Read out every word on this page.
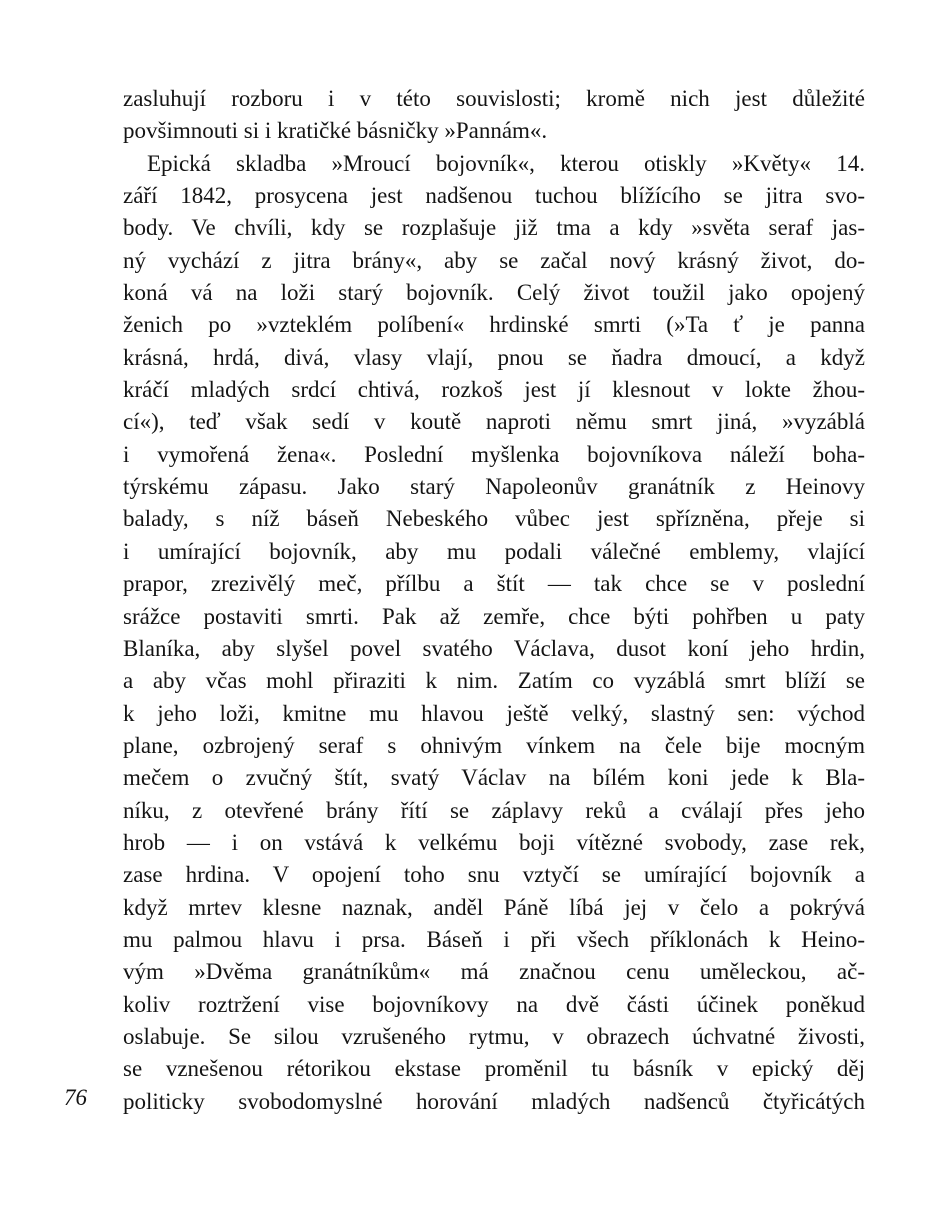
zasluhují rozboru i v této souvislosti; kromě nich jest důležité
povšimnouti si i kratičké básničky »Pannám«.
Epická skladba »Mroucí bojovník«, kterou otiskly »Květy« 14.
září 1842, prosycena jest nadšenou tuchou blížícího se jitra svo-
body. Ve chvíli, kdy se rozplašuje již tma a kdy »světa seraf jas-
ný vychází z jitra brány«, aby se začal nový krásný život, do-
koná vá na loži starý bojovník. Celý život toužil jako opojený
ženich po »vzteklém políbení« hrdinské smrti (»Ta ť je panna
krásná, hrdá, divá, vlasy vlají, pnou se ňadra dmoucí, a když
kráčí mladých srdcí chtivá, rozkoš jest jí klesnout v lokte žhou-
cí«), teď však sedí v koutě naproti němu smrt jiná, »vyzáblá
i vymořená žena«. Poslední myšlenka bojovníkova náleží boha-
týrskému zápasu. Jako starý Napoleonův granátník z Heinovy
balady, s níž báseň Nebeského vůbec jest spřízněna, přeje si
i umírající bojovník, aby mu podali válečné emblemy, vlající
prapor, zrezivělý meč, přílbu a štít — tak chce se v poslední
srážce postaviti smrti. Pak až zemře, chce býti pohřben u paty
Blaníka, aby slyšel povel svatého Václava, dusot koní jeho hrdin,
a aby včas mohl přiraziti k nim. Zatím co vyzáblá smrt blíží se
k jeho loži, kmitne mu hlavou ještě velký, slastný sen: východ
plane, ozbrojený seraf s ohnivým vínkem na čele bije mocným
mečem o zvučný štít, svatý Václav na bílém koni jede k Bla-
níku, z otevřené brány řítí se záplavy reků a cválají přes jeho
hrob — i on vstává k velkému boji vítězné svobody, zase rek,
zase hrdina. V opojení toho snu vztyčí se umírající bojovník a
když mrtev klesne naznak, anděl Páně líbá jej v čelo a pokrývá
mu palmou hlavu i prsa. Báseň i při všech příklonách k Heino-
vým »Dvěma granátníkům« má značnou cenu uměleckou, ač-
koliv roztržení vise bojovníkovy na dvě části účinek poněkud
oslabuje. Se silou vzrušeného rytmu, v obrazech úchvatné živosti,
se vznešenou rétorikou ekstase proměnil tu básník v epický děj
politicky svobodomyslné horování mladých nadšenců čtyřicátých
76
